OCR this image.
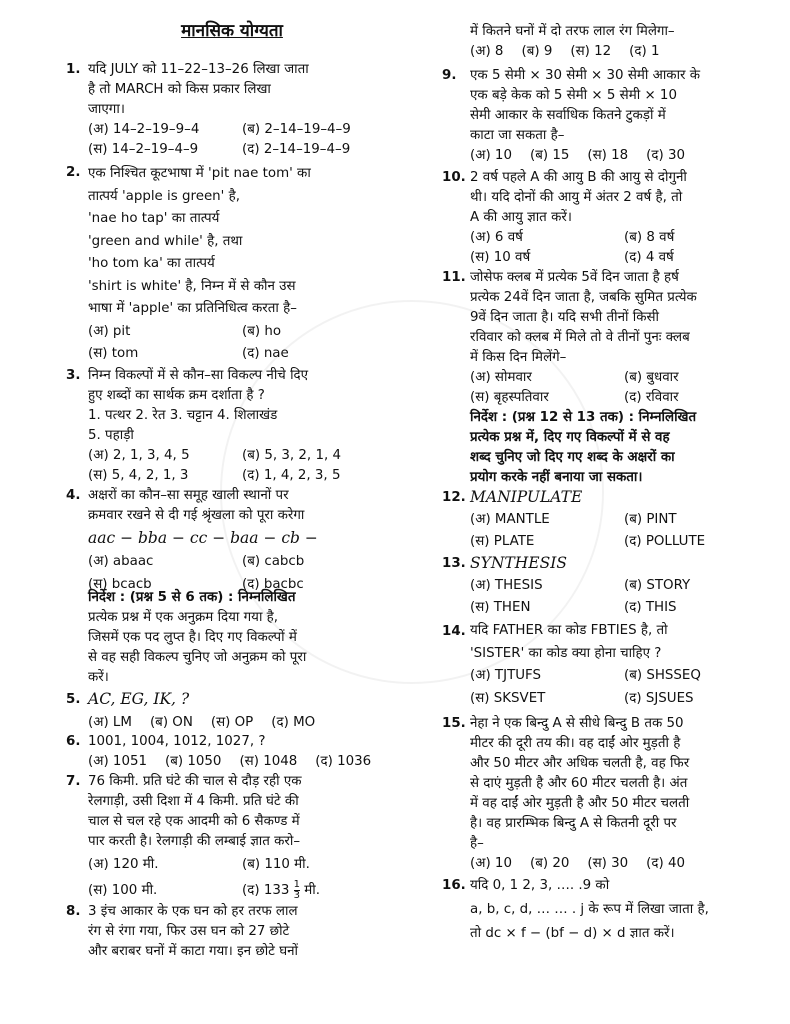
मानसिक योग्यता
1. यदि JULY को 11–22–13–26 लिखा जाता
है तो MARCH को किस प्रकार लिखा
जाएगा।
(अ) 14–2–19–9–4	(ब) 2–14–19–4–9
(स) 14–2–19–4–9	(द) 2–14–19–4–9
2. एक निश्चित कूटभाषा में 'pit nae tom' का
तात्पर्य 'apple is green' है,
'nae ho tap' का तात्पर्य
'green and while' है, तथा
'ho tom ka' का तात्पर्य
'shirt is white' है, निम्न में से कौन उस
भाषा में 'apple' का प्रतिनिधित्व करता है–
(अ) pit	(ब) ho
(स) tom	(द) nae
3. निम्न विकल्पों में से कौन–सा विकल्प नीचे दिए
हुए शब्दों का सार्थक क्रम दर्शाता है ?
1. पत्थर 2. रेत 3. चट्टान 4. शिलाखंड
5. पहाड़ी
(अ) 2, 1, 3, 4, 5	(ब) 5, 3, 2, 1, 4
(स) 5, 4, 2, 1, 3	(द) 1, 4, 2, 3, 5
4. अक्षरों का कौन–सा समूह खाली स्थानों पर
क्रमवार रखने से दी गई श्रृंखला को पूरा करेगा
aac − bba − cc − baa − cb −
(अ) abaac	(ब) cabcb
(स) bcacb	(द) bacbc
निर्देश : (प्रश्न 5 से 6 तक) : निम्नलिखित
प्रत्येक प्रश्न में एक अनुक्रम दिया गया है,
जिसमें एक पद लुप्त है। दिए गए विकल्पों में
से वह सही विकल्प चुनिए जो अनुक्रम को पूरा
करें।
5. AC, EG, IK, ?
(अ) LM (ब) ON (स) OP (द) MO
6. 1001, 1004, 1012, 1027, ?
(अ) 1051 (ब) 1050 (स) 1048 (द) 1036
7. 76 किमी. प्रति घंटे की चाल से दौड़ रही एक
रेलगाड़ी, उसी दिशा में 4 किमी. प्रति घंटे की
चाल से चल रहे एक आदमी को 6 सैकण्ड में
पार करती है। रेलगाड़ी की लम्बाई ज्ञात करो–
(अ) 120 मी.	(ब) 110 मी.
(स) 100 मी.	(द) $133 \frac{1}{3}$ मी.
8. 3 इंच आकार के एक घन को हर तरफ लाल
रंग से रंगा गया, फिर उस घन को 27 छोटे
और बराबर घनों में काटा गया। इन छोटे घनों
में कितने घनों में दो तरफ लाल रंग मिलेगा–
(अ) 8 (ब) 9 (स) 12 (द) 1
9. एक 5 सेमी × 30 सेमी × 30 सेमी आकार के
एक बड़े केक को 5 सेमी × 5 सेमी × 10
सेमी आकार के सर्वाधिक कितने टुकड़ों में
काटा जा सकता है–
(अ) 10 (ब) 15 (स) 18 (द) 30
10. 2 वर्ष पहले A की आयु B की आयु से दोगुनी
थी। यदि दोनों की आयु में अंतर 2 वर्ष है, तो
A की आयु ज्ञात करें।
(अ) 6 वर्ष	(ब) 8 वर्ष
(स) 10 वर्ष	(द) 4 वर्ष
11. जोसेफ क्लब में प्रत्येक 5वें दिन जाता है हर्ष
प्रत्येक 24वें दिन जाता है, जबकि सुमित प्रत्येक
9वें दिन जाता है। यदि सभी तीनों किसी
रविवार को क्लब में मिले तो वे तीनों पुनः क्लब
में किस दिन मिलेंगे–
(अ) सोमवार	(ब) बुधवार
(स) बृहस्पतिवार	(द) रविवार
निर्देश : (प्रश्न 12 से 13 तक) : निम्नलिखित
प्रत्येक प्रश्न में, दिए गए विकल्पों में से वह
शब्द चुनिए जो दिए गए शब्द के अक्षरों का
प्रयोग करके नहीं बनाया जा सकता।
12. MANIPULATE
(अ) MANTLE	(ब) PINT
(स) PLATE	(द) POLLUTE
13. SYNTHESIS
(अ) THESIS	(ब) STORY
(स) THEN	(द) THIS
14. यदि FATHER का कोड FBTIES है, तो
'SISTER' का कोड क्या होना चाहिए ?
(अ) TJTUFS	(ब) SHSSEQ
(स) SKSVET	(द) SJSUES
15. नेहा ने एक बिन्दु A से सीधे बिन्दु B तक 50
मीटर की दूरी तय की। वह दाईं ओर मुड़ती है
और 50 मीटर और अधिक चलती है, वह फिर
से दाएं मुड़ती है और 60 मीटर चलती है। अंत
में वह दाईं ओर मुड़ती है और 50 मीटर चलती
है। वह प्रारम्भिक बिन्दु A से कितनी दूरी पर
है–
(अ) 10 (ब) 20 (स) 30 (द) 40
16. यदि 0, 1 2, 3, …. .9 को
a, b, c, d, … … . j के रूप में लिखा जाता है,
तो dc × f − (bf − d) × d ज्ञात करें।
